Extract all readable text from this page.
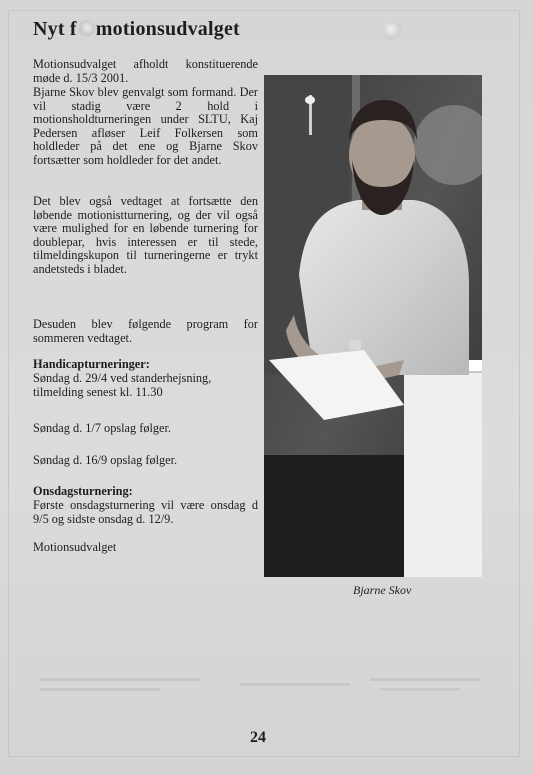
Nyt f motionsudvalget
Motionsudvalget afholdt konstituerende møde d. 15/3 2001.
Bjarne Skov blev genvalgt som formand. Der vil stadig være 2 hold i motionsholdturneringen under SLTU, Kaj Pedersen afløser Leif Folkersen som holdleder på det ene og Bjarne Skov fortsætter som holdleder for det andet.
Det blev også vedtaget at fortsætte den løbende motionistturnering, og der vil også være mulighed for en løbende turnering for doublepar, hvis interessen er til stede, tilmeldingskupon til turneringerne er trykt andetsteds i bladet.
Desuden blev følgende program for sommeren vedtaget.
Handicapturneringer:
Søndag d. 29/4 ved standerhejsning, tilmelding senest kl. 11.30
Søndag d. 1/7 opslag følger.
Søndag d. 16/9 opslag følger.
Onsdagsturnering:
Første onsdagsturnering vil være onsdag d 9/5 og sidste onsdag d. 12/9.
Motionsudvalget
Bjarne Skov
24
